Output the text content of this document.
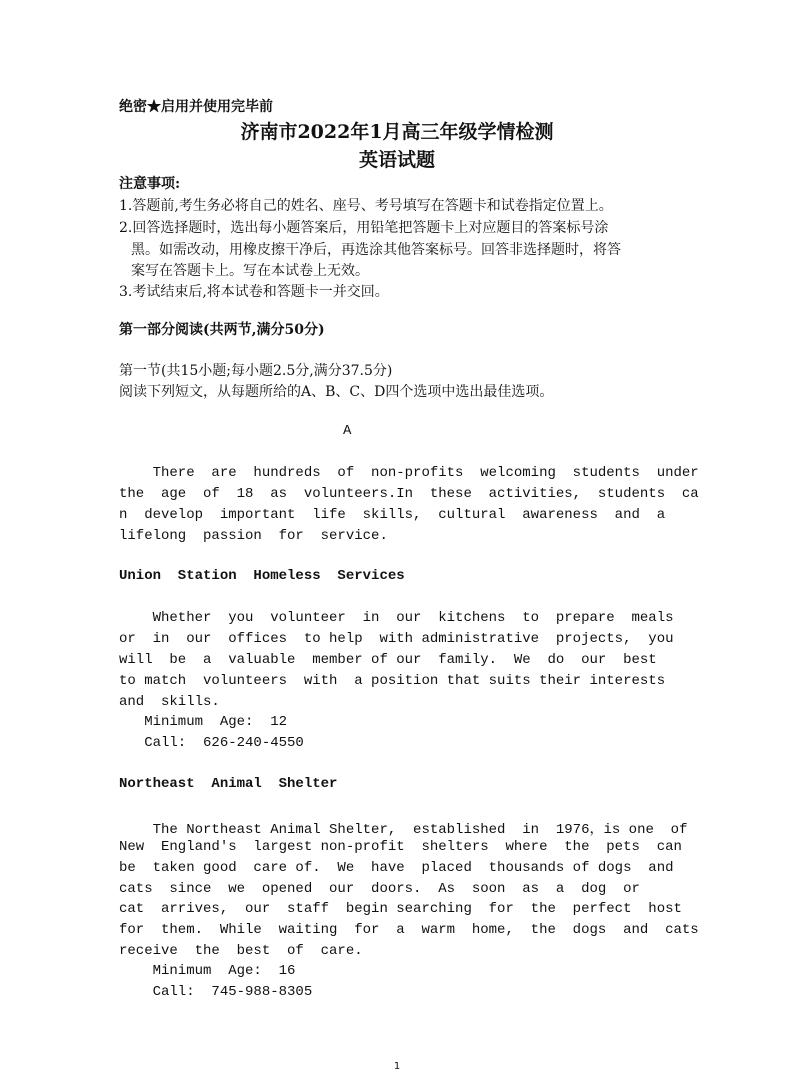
绝密★启用并使用完毕前
济南市2022年1月高三年级学情检测
英语试题
注意事项:
1.答题前,考生务必将自己的姓名、座号、考号填写在答题卡和试卷指定位置上。
2.回答选择题时，选出每小题答案后，用铅笔把答题卡上对应题目的答案标号涂
黑。如需改动，用橡皮擦干净后，再选涂其他答案标号。回答非选择题时，将答
案写在答题卡上。写在本试卷上无效。
3.考试结束后,将本试卷和答题卡一并交回。
第一部分阅读(共两节,满分50分)
第一节(共15小题;每小题2.5分,满分37.5分)
阅读下列短文，从每题所给的A、B、C、D四个选项中选出最佳选项。
A
There  are  hundreds  of  non-profits  welcoming  students  under
the  age  of  18  as  volunteers.In  these  activities,  students  ca
n  develop  important  life  skills,  cultural  awareness  and  a
lifelong  passion  for  service.
Union  Station  Homeless  Services
Whether  you  volunteer  in  our  kitchens  to  prepare  meals
or  in  our  offices  to help  with administrative  projects,  you
will  be  a  valuable  member of our  family.  We  do  our  best
to match  volunteers  with  a position that suits their interests
and  skills.
Minimum  Age:  12
Call:  626-240-4550
Northeast  Animal  Shelter
The Northeast Animal Shelter,  established  in  1976，is one  of
New  England's  largest non-profit  shelters  where  the  pets  can
be  taken good  care of.  We  have  placed  thousands of dogs  and
cats  since  we  opened  our  doors.  As  soon  as  a  dog  or
cat  arrives,  our  staff  begin searching  for  the  perfect  host
for  them.  While  waiting  for  a  warm  home,  the  dogs  and  cats
receive  the  best  of  care.
Minimum  Age:  16
Call:  745-988-8305
1
